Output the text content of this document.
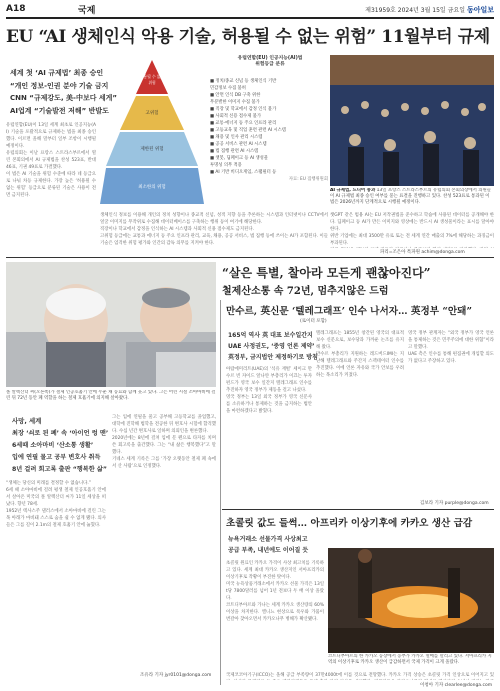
A18	국제	제31959호 2024년 3월 15일 금요일 동아일보
EU “AI 생체인식 악용 기술, 허용될 수 없는 위험” 11월부터 규제
세계 첫 ‘AI 규제법’ 최종 승인
“개인 정보-인권 분야 기술 금지
CNN “규제강도, 美-中보다 세게”
AI업계 “기술발전 저해” 반발도
유럽연합(EU)이 13일 세계 최초로 인공지능(AI) 기술을 포괄적으로 규제하는 법을 최종 승인했다. 이르면 올해 말부터 일부 조항이 시행될 예정이다.
유럽의회는 이날 프랑스 스트라스부르에서 열린 본회의에서 AI 규제법을 찬성 523표, 반대 46표, 기권 49표로 가결했다.
이 법은 AI 기술을 위험 수준에 따라 네 등급으로 나눠 차등 규제한다. 가장 높은 ‘허용될 수 없는 위험’ 등급으로 분류된 기술은 사용이 전면 금지된다.
허용될 수 없는 위험
고위험
제한된 위험
최소한의 위험
유럽연합(EU) 인공지능(AI)법
위험등급 분류
■ 정치/종교 신념 등 생체인식 기반
민감정보 수집 불허
■ 안면 인식 DB 구축 위한
무분별한 이미지 수집 불가
■ 직장 및 학교에서 감정 인식 불가
■ 사회적 신용 점수제 불가
■ 교통·에너지 등 주요 인프라 관리
■ 고등교육 및 직업 훈련 관련 AI 시스템
■ 채용 및 인사 관리 시스템
■ 공공 서비스 관련 AI 시스템
■ 법 집행 관련 AI 시스템
■ 챗봇, 딥페이크 등 AI 생성물
투명성 의무 적용
■ AI 기반 비디오게임, 스팸필터 등
자료: EU 집행위원회
AI 규제법, 드디어 통과 13일 프랑스 스트라스부르의 유럽의회 본회의장에서 의원들이 AI 규제법 최종 승인 여부를 묻는 표결을 진행하고 있다. 찬성 523표로 통과된 이 법은 2026년까지 단계적으로 시행될 예정이다.
생체인식 정보를 이용해 개인의 정치 성향이나 종교적 신념, 성적 지향 등을 추론하는 시스템과 인터넷이나 CCTV에서 얼굴 이미지를 무작위로 수집해 데이터베이스를 구축하는 행위 등이 여기에 해당한다.
직장이나 학교에서 감정을 인식하는 AI 시스템과 사회적 신용 점수제도 금지된다.
고위험 등급에는 교통과 에너지 등 주요 인프라 관리, 교육, 채용, 공공 서비스, 법 집행 등에 쓰이는 AI가 포함된다. 이들 기술은 엄격한 위험 평가와 인간의 감독 의무를 지켜야 한다.
챗GPT 같은 범용 AI는 EU 저작권법을 준수하고 학습에 사용된 데이터를 공개해야 한다. 딥페이크 등 AI가 만든 이미지와 영상에는 반드시 AI 생성물이라는 표시를 달아야 한다.
위반 기업에는 최대 3500만 유로 또는 전 세계 연간 매출의 7%에 해당하는 과징금이 부과된다.
파리=조은아 특파원 achim@donga.com
“살은 특별, 찰아라 모든게 괜찮아진다”
철제산소통 속 72년, 멈추지않은 드럼
폴 알렉산더 씨(오른쪽)가 철제 인공호흡기 안에 누운 채 동료와 함께 웃고 있다. 그는 어린 시절 소아마비에 걸린 뒤 72년 동안 폐 역할을 하는 철제 호흡기에 의지해 살아왔다.
사망, 세계
최장 ‘쇠로 된 폐’ 속 ‘아이언 렁 맨’
6세때 소아마비 ‘산소통 생활’
입에 연필 물고 공부 변호사 취득
8년 걸려 회고록 출판 “행복한 삶”
“생체는 당신의 미래를 결정할 수 없습니다.”
6세 때 소아마비에 걸려 평생 철제 인공호흡기 안에서 살아온 미국의 폴 알렉산더 씨가 11일 세상을 떠났다. 향년 78세.
1952년 텍사스주 댈러스에서 소아마비에 걸린 그는 목 아래가 마비돼 스스로 숨을 쉴 수 없게 됐다. 의사들은 그를 길이 2.1m의 철제 호흡기 안에 눕혔다.
그는 입에 연필을 물고 공부해 고등학교를 졸업했고, 대학에 진학해 법학을 전공한 뒤 변호사 시험에 합격했다. 수십 년간 변호사로 일하며 의뢰인을 변론했다.
2020년에는 8년에 걸쳐 입에 문 펜으로 타자를 치며 쓴 회고록을 출간했다. 그는 “내 삶은 행복했다”고 말했다.
기네스 세계 기록은 그를 ‘가장 오랫동안 철제 폐 속에서 산 사람’으로 인정했다.
조유라 기자 jyr0101@donga.com
만수르, 英신문 ‘텔레그래프’ 인수 나서자… 英정부 “안돼”
(로이터 포함)
165억 역사 英 대표 보수일간지
UAE 사정권도, ‘중영 언론 제약’
英정부, 금지법안 제정하기로 방침
아랍에미리트(UAE)의 ‘석유 재벌’ 셰이크 만수르 빈 자이드 알나얀 부총리가 이끄는 투자 펀드가 영국 보수 일간지 텔레그래프 인수를 추진하자 영국 정부가 제동을 걸고 나섰다.
영국 정부는 13일 외국 정부가 영국 신문사를 소유하거나 통제하는 것을 금지하는 법안을 마련하겠다고 밝혔다.
텔레그래프는 1855년 창간된 영국의 대표적 보수 신문으로, 보수당과 가까운 논조를 유지해 왔다.
만수르 부총리가 지원하는 레드버드IMI는 지난해 텔레그래프와 주간지 스펙테이터 인수를 추진했다. 이에 언론 자유와 국가 안보를 우려하는 목소리가 커졌다.
영국 정부 관계자는 “외국 정부가 영국 언론을 통제하는 것은 민주주의에 대한 위협”이라고 말했다.
UAE 측은 인수를 통해 편집권에 개입할 의도가 없다고 주장하고 있다.
김보라 기자 purple@donga.com
초콜릿 값도 들썩… 아프리카 이상기후에 카카오 생산 급감
뉴욕거래소 선물가격 사상최고
공급 부족, 내년에도 이어질 듯
초콜릿 원료인 카카오 가격이 사상 최고치를 기록하고 있다. 세계 최대 카카오 생산지인 서아프리카의 이상기후로 작황이 부진한 탓이다.
미국 뉴욕상품거래소에서 카카오 선물 가격은 13일 t당 7800달러를 넘어 1년 전보다 두 배 이상 올랐다.
코트디부아르와 가나는 세계 카카오 생산량의 60% 이상을 차지한다. 엘니뇨 현상으로 폭우와 가뭄이 번갈아 찾아오면서 카카오나무 병해가 확산됐다.
코트디부아르의 한 카카오 농장에서 농부가 카카오 열매를 말리고 있다. 서아프리카 지역의 이상기후로 카카오 생산이 급감하면서 국제 가격이 크게 올랐다.
국제코코아기구(ICCO)는 올해 공급 부족량이 37만4000t에 이를 것으로 전망했다. 카카오 가격 상승은 초콜릿 가격 인상으로 이어지고 있
이청아 기자 clearlee@donga.com
